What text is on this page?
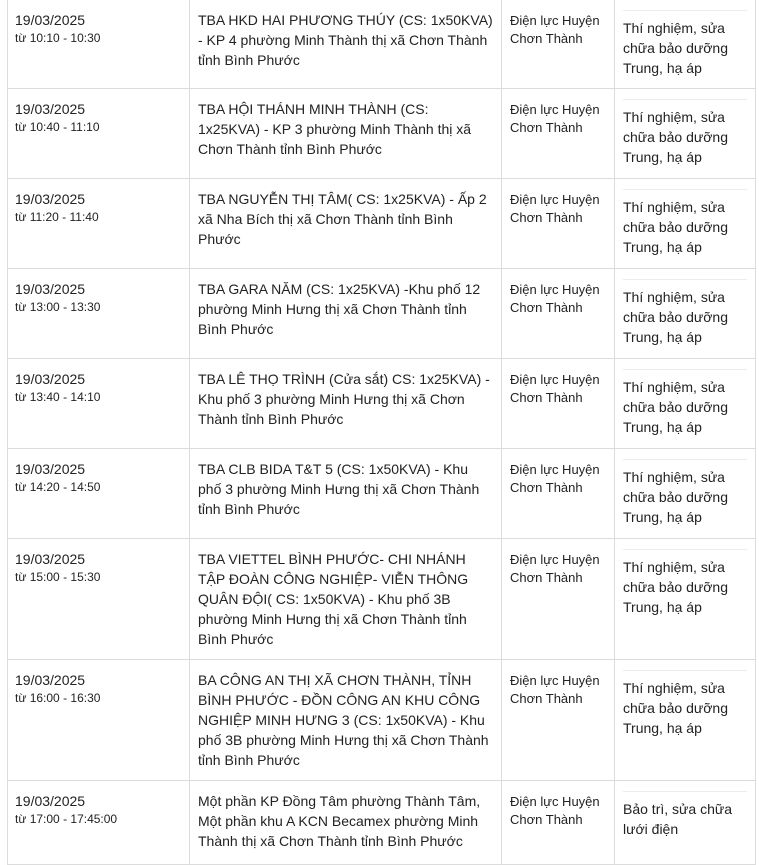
19/03/2025
từ 10:10 - 10:30	TBA HKD HAI PHƯƠNG THÚY (CS: 1x50KVA) - KP 4 phường Minh Thành thị xã Chơn Thành tỉnh Bình Phước	Điện lực Huyện Chơn Thành	Thí nghiệm, sửa chữa bảo dưỡng Trung, hạ áp

19/03/2025
từ 10:40 - 11:10	TBA HỘI THÁNH MINH THÀNH (CS: 1x25KVA) - KP 3 phường Minh Thành thị xã Chơn Thành tỉnh Bình Phước	Điện lực Huyện Chơn Thành	Thí nghiệm, sửa chữa bảo dưỡng Trung, hạ áp

19/03/2025
từ 11:20 - 11:40	TBA NGUYỄN THỊ TÂM( CS: 1x25KVA) - Ấp 2 xã Nha Bích thị xã Chơn Thành tỉnh Bình Phước	Điện lực Huyện Chơn Thành	Thí nghiệm, sửa chữa bảo dưỡng Trung, hạ áp

19/03/2025
từ 13:00 - 13:30	TBA GARA NĂM (CS: 1x25KVA) -Khu phố 12 phường Minh Hưng thị xã Chơn Thành tỉnh Bình Phước	Điện lực Huyện Chơn Thành	Thí nghiệm, sửa chữa bảo dưỡng Trung, hạ áp

19/03/2025
từ 13:40 - 14:10	TBA LÊ THỌ TRÌNH (Cửa sắt) CS: 1x25KVA) -Khu phố 3 phường Minh Hưng thị xã Chơn Thành tỉnh Bình Phước	Điện lực Huyện Chơn Thành	Thí nghiệm, sửa chữa bảo dưỡng Trung, hạ áp

19/03/2025
từ 14:20 - 14:50	TBA CLB BIDA T&T 5 (CS: 1x50KVA) - Khu phố 3 phường Minh Hưng thị xã Chơn Thành tỉnh Bình Phước	Điện lực Huyện Chơn Thành	Thí nghiệm, sửa chữa bảo dưỡng Trung, hạ áp

19/03/2025
từ 15:00 - 15:30	TBA VIETTEL BÌNH PHƯỚC- CHI NHÁNH TẬP ĐOÀN CÔNG NGHIỆP- VIỄN THÔNG QUÂN ĐỘI( CS: 1x50KVA) - Khu phố 3B phường Minh Hưng thị xã Chơn Thành tỉnh Bình Phước	Điện lực Huyện Chơn Thành	Thí nghiệm, sửa chữa bảo dưỡng Trung, hạ áp

19/03/2025
từ 16:00 - 16:30	BA CÔNG AN THỊ XÃ CHƠN THÀNH, TỈNH BÌNH PHƯỚC - ĐỒN CÔNG AN KHU CÔNG NGHIỆP MINH HƯNG 3 (CS: 1x50KVA) - Khu phố 3B phường Minh Hưng thị xã Chơn Thành tỉnh Bình Phước	Điện lực Huyện Chơn Thành	Thí nghiệm, sửa chữa bảo dưỡng Trung, hạ áp

19/03/2025
từ 17:00 - 17:45:00	Một phần KP Đồng Tâm phường Thành Tâm, Một phần khu A KCN Becamex phường Minh Thành thị xã Chơn Thành tỉnh Bình Phước	Điện lực Huyện Chơn Thành	Bảo trì, sửa chữa lưới điện
